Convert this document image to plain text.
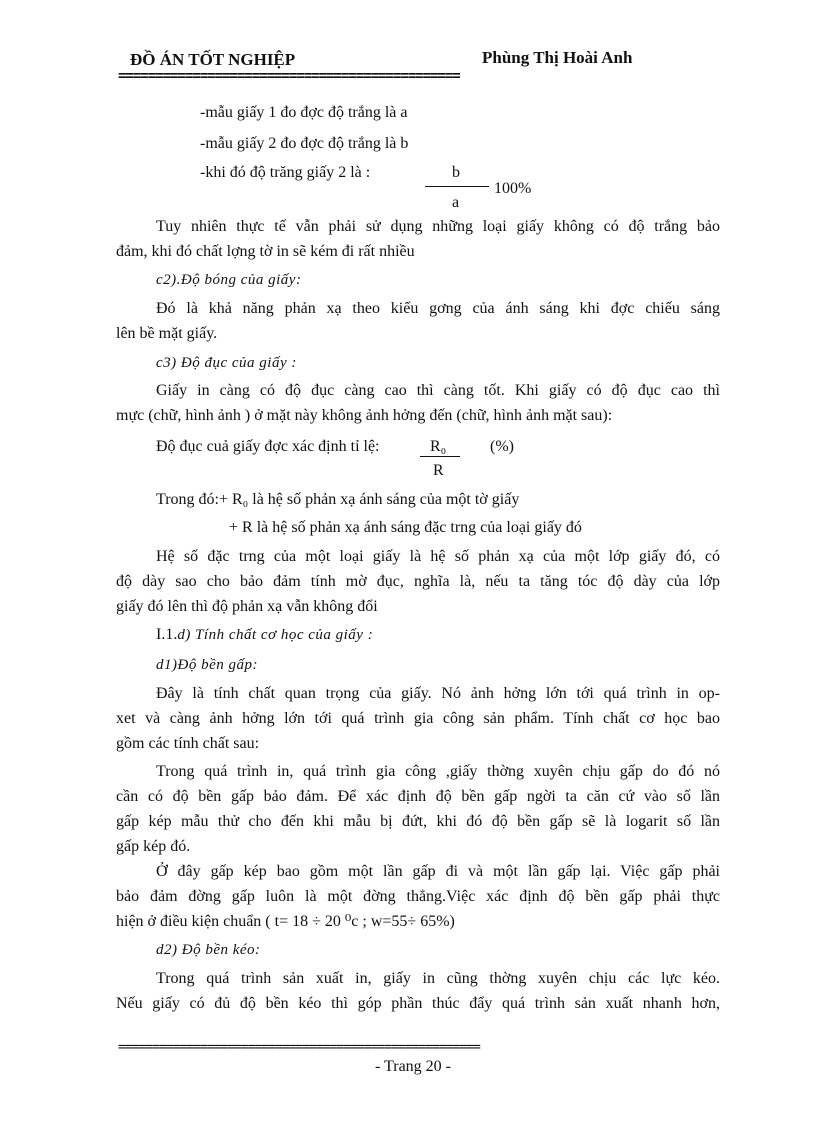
ĐỒ ÁN TỐT NGHIỆP	Phùng Thị Hoài Anh
==============================================
-mẫu giấy 1 đo đợc độ trắng là a
-mẫu giấy 2 đo đợc độ trắng là b
-khi đó độ trăng giấy 2 là :	b
100%
a
Tuy nhiên thực tế vẫn phải sử dụng những loại giấy không có độ trắng bảo
đảm, khi đó chất lợng tờ in sẽ kém đi rất nhiều
c2).Độ bóng của giấy:
Đó là khả năng phản xạ theo kiểu gơng của ánh sáng khi đợc chiếu sáng
lên bề mặt giấy.
c3) Độ đục của giấy :
Giấy in càng có độ đục càng cao thì càng tốt. Khi giấy có độ đục cao thì
mực (chữ, hình ảnh ) ở mặt này không ảnh hởng đến (chữ, hình ảnh mặt sau):
Độ đục cuả giấy đợc xác định tỉ lệ:	R₀	(%)
R
Trong đó:+ R₀ là hệ số phản xạ ánh sáng của một tờ giấy
+ R là hệ số phản xạ ánh sáng đặc trng của loại giấy đó
Hệ số đặc trng của một loại giấy là hệ số phản xạ của một lớp giấy đó, có
độ dày sao cho bảo đảm tính mờ đục, nghĩa là, nếu ta tăng tóc độ dày của lớp
giấy đó lên thì độ phản xạ vẫn không đổi
I.1.d) Tính chất cơ học của giấy :
d1)Độ bền gấp:
Đây là tính chất quan trọng của giấy. Nó ảnh hởng lớn tới quá trình in op-
xet và càng ảnh hởng lớn tới quá trình gia công sản phẩm. Tính chất cơ học bao
gồm các tính chất sau:
Trong quá trình in, quá trình gia công ,giấy thờng xuyên chịu gấp do đó nó
cần có độ bền gấp bảo đảm. Để xác định độ bền gấp ngời ta căn cứ vào số lần
gấp kép mẫu thử cho đến khi mẫu bị đứt, khi đó độ bền gấp sẽ là logarit số lần
gấp kép đó.
Ở đây gấp kép bao gồm một lần gấp đi và một lần gấp lại. Việc gấp phải
bảo đảm đờng gấp luôn là một đờng thẳng.Việc xác định độ bền gấp phải thực
hiện ở điều kiện chuẩn ( t= 18 ÷ 20 ⁰c ; w=55÷ 65%)
d2) Độ bền kéo:
Trong quá trình sản xuất in, giấy in cũng thờng xuyên chịu các lực kéo.
Nếu giấy có đủ độ bền kéo thì góp phần thúc đẩy quá trình sản xuất nhanh hơn,
=====================================================
- Trang 20 -
